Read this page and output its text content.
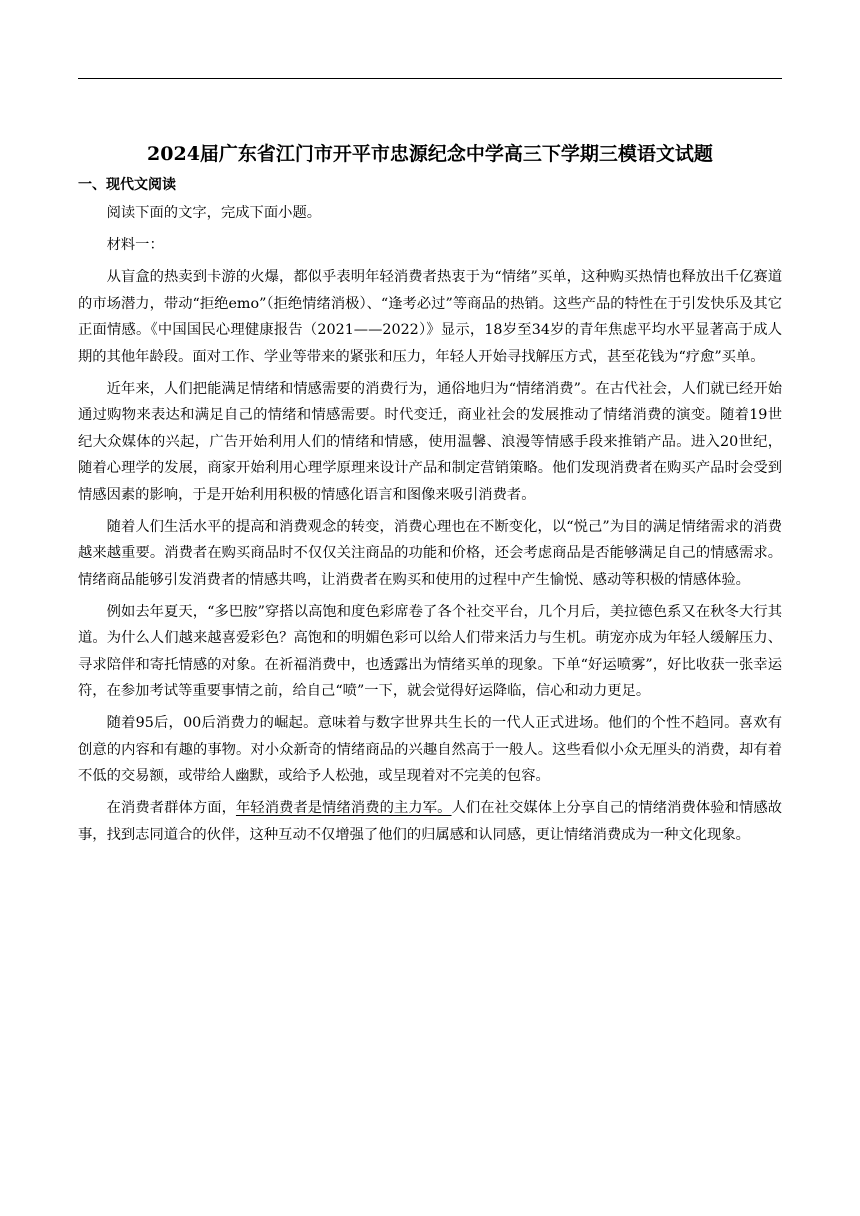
2024届广东省江门市开平市忠源纪念中学高三下学期三模语文试题
一、现代文阅读

阅读下面的文字，完成下面小题。

材料一：

从盲盒的热卖到卡游的火爆，都似乎表明年轻消费者热衷于为“情绪”买单，这种购买热情也释放出千亿赛道的市场潜力，带动“拒绝emo”（拒绝情绪消极）、“逢考必过”等商品的热销。这些产品的特性在于引发快乐及其它正面情感。《中国国民心理健康报告（2021——2022）》显示，18岁至34岁的青年焦虑平均水平显著高于成人期的其他年龄段。面对工作、学业等带来的紧张和压力，年轻人开始寻找解压方式，甚至花钱为“疗愈”买单。

近年来，人们把能满足情绪和情感需要的消费行为，通俗地归为“情绪消费”。在古代社会，人们就已经开始通过购物来表达和满足自己的情绪和情感需要。时代变迁，商业社会的发展推动了情绪消费的演变。随着19世纪大众媒体的兴起，广告开始利用人们的情绪和情感，使用温馨、浪漫等情感手段来推销产品。进入20世纪，随着心理学的发展，商家开始利用心理学原理来设计产品和制定营销策略。他们发现消费者在购买产品时会受到情感因素的影响，于是开始利用积极的情感化语言和图像来吸引消费者。

随着人们生活水平的提高和消费观念的转变，消费心理也在不断变化，以“悦己”为目的满足情绪需求的消费越来越重要。消费者在购买商品时不仅仅关注商品的功能和价格，还会考虑商品是否能够满足自己的情感需求。情绪商品能够引发消费者的情感共鸣，让消费者在购买和使用的过程中产生愉悦、感动等积极的情感体验。

例如去年夏天，“多巴胺”穿搭以高饱和度色彩席卷了各个社交平台，几个月后，美拉德色系又在秋冬大行其道。为什么人们越来越喜爱彩色？高饱和的明媚色彩可以给人们带来活力与生机。萌宠亦成为年轻人缓解压力、寻求陪伴和寄托情感的对象。在祈福消费中，也透露出为情绪买单的现象。下单“好运喷雾”，好比收获一张幸运符，在参加考试等重要事情之前，给自己“喷”一下，就会觉得好运降临，信心和动力更足。

随着95后，00后消费力的崛起。意味着与数字世界共生长的一代人正式进场。他们的个性不趋同。喜欢有创意的内容和有趣的事物。对小众新奇的情绪商品的兴趣自然高于一般人。这些看似小众无厘头的消费，却有着不低的交易额，或带给人幽默，或给予人松弛，或呈现着对不完美的包容。

在消费者群体方面，年轻消费者是情绪消费的主力军。人们在社交媒体上分享自己的情绪消费体验和情感故事，找到志同道合的伙伴，这种互动不仅增强了他们的归属感和认同感，更让情绪消费成为一种文化现象。
